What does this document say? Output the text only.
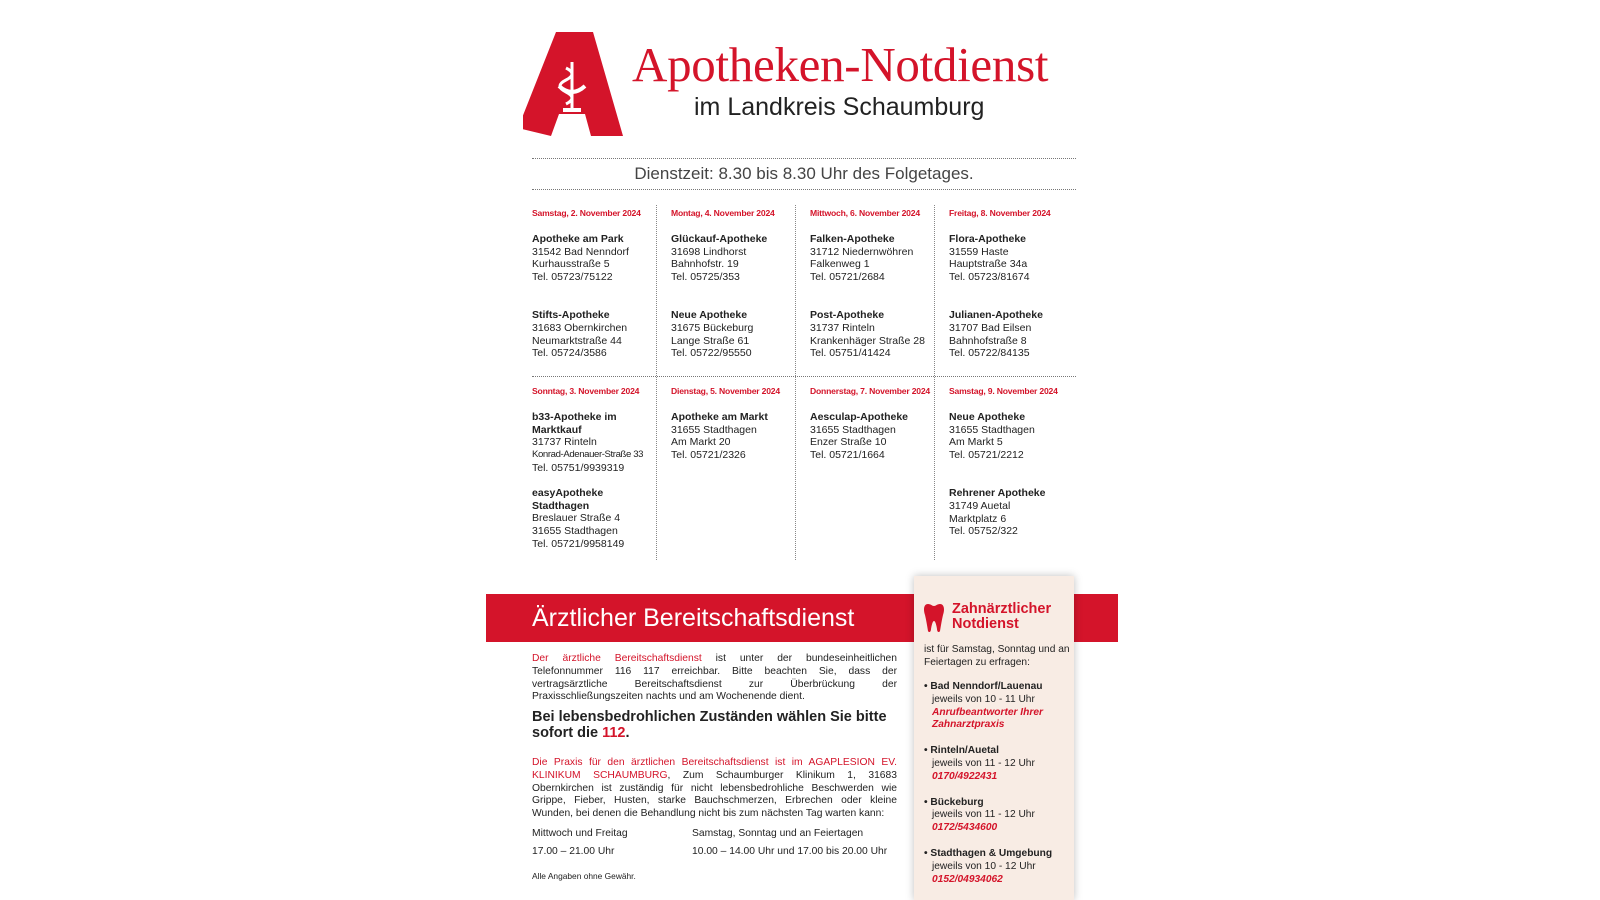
Apotheken-Notdienst
im Landkreis Schaumburg
Dienstzeit: 8.30 bis 8.30 Uhr des Folgetages.
Samstag, 2. November 2024
Apotheke am Park
31542 Bad Nenndorf
Kurhausstraße 5
Tel. 05723/75122
Stifts-Apotheke
31683 Obernkirchen
Neumarktstraße 44
Tel. 05724/3586
Montag, 4. November 2024
Glückauf-Apotheke
31698 Lindhorst
Bahnhofstr. 19
Tel. 05725/353
Neue Apotheke
31675 Bückeburg
Lange Straße 61
Tel. 05722/95550
Mittwoch, 6. November 2024
Falken-Apotheke
31712 Niedernwöhren
Falkenweg 1
Tel. 05721/2684
Post-Apotheke
31737 Rinteln
Krankenhäger Straße 28
Tel. 05751/41424
Freitag, 8. November 2024
Flora-Apotheke
31559 Haste
Hauptstraße 34a
Tel. 05723/81674
Julianen-Apotheke
31707 Bad Eilsen
Bahnhofstraße 8
Tel. 05722/84135
Sonntag, 3. November 2024
b33-Apotheke im
Marktkauf
31737 Rinteln
Konrad-Adenauer-Straße 33
Tel. 05751/9939319
easyApotheke
Stadthagen
Breslauer Straße 4
31655 Stadthagen
Tel. 05721/9958149
Dienstag, 5. November 2024
Apotheke am Markt
31655 Stadthagen
Am Markt 20
Tel. 05721/2326
Donnerstag, 7. November 2024
Aesculap-Apotheke
31655 Stadthagen
Enzer Straße 10
Tel. 05721/1664
Samstag, 9. November 2024
Neue Apotheke
31655 Stadthagen
Am Markt 5
Tel. 05721/2212
Rehrener Apotheke
31749 Auetal
Marktplatz 6
Tel. 05752/322
Ärztlicher Bereitschaftsdienst	Zahnärztlicher
Notdienst
ist für Samstag, Sonntag und an Feiertagen zu erfragen:
• Bad Nenndorf/Lauenau
jeweils von 10 - 11 Uhr
Anrufbeantworter Ihrer Zahnarztpraxis
• Rinteln/Auetal
jeweils von 11 - 12 Uhr
0170/4922431
• Bückeburg
jeweils von 11 - 12 Uhr
0172/5434600
• Stadthagen & Umgebung
jeweils von 10 - 12 Uhr
0152/04934062
Der ärztliche Bereitschaftsdienst ist unter der bundeseinheitlichen Telefonnummer 116 117 erreichbar. Bitte beachten Sie, dass der vertragsärztliche Bereitschaftsdienst zur Überbrückung der Praxisschließungszeiten nachts und am Wochenende dient.
Bei lebensbedrohlichen Zuständen wählen Sie bitte sofort die 112.
Die Praxis für den ärztlichen Bereitschaftsdienst ist im AGAPLESION EV. KLINIKUM SCHAUMBURG, Zum Schaumburger Klinikum 1, 31683 Obernkirchen ist zuständig für nicht lebensbedrohliche Beschwerden wie Grippe, Fieber, Husten, starke Bauchschmerzen, Erbrechen oder kleine Wunden, bei denen die Behandlung nicht bis zum nächsten Tag warten kann:
Mittwoch und Freitag	Samstag, Sonntag und an Feiertagen
17.00 – 21.00 Uhr	10.00 – 14.00 Uhr und 17.00 bis 20.00 Uhr
Alle Angaben ohne Gewähr.
